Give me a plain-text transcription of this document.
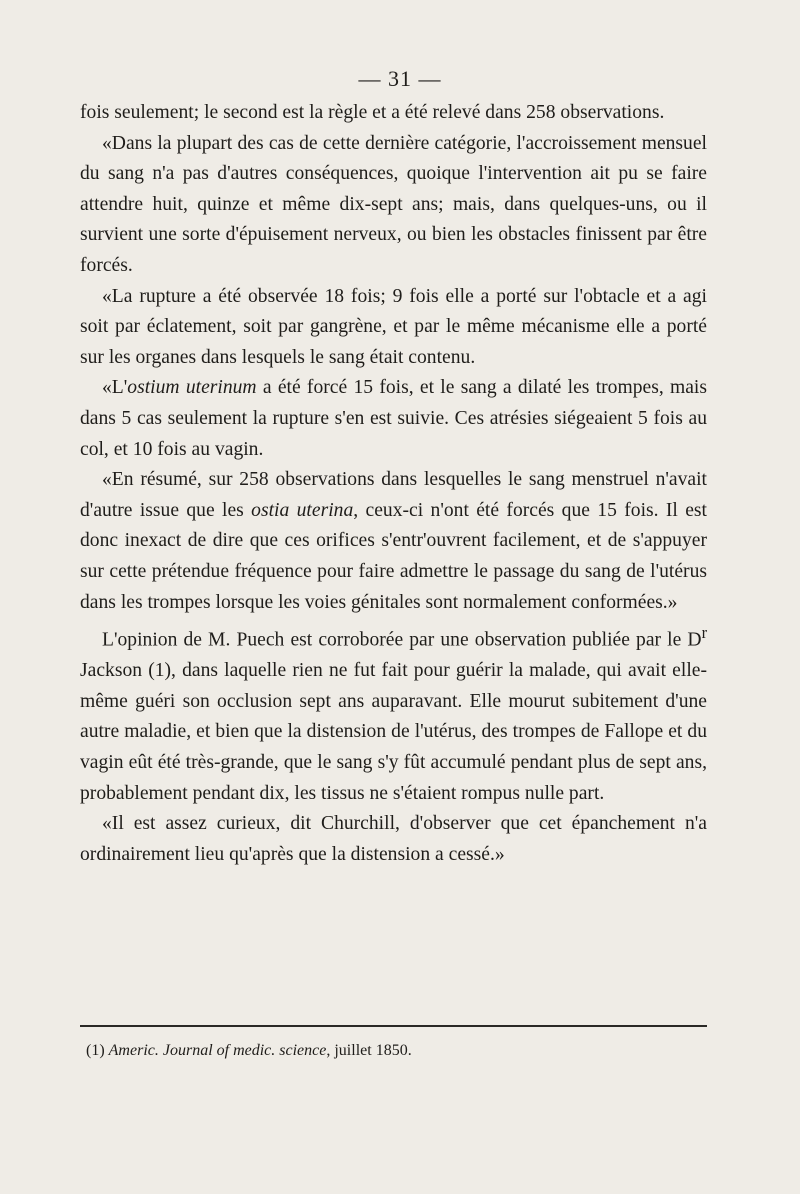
— 31 —

fois seulement; le second est la règle et a été relevé dans 258 observations.

«Dans la plupart des cas de cette dernière catégorie, l'accroissement mensuel du sang n'a pas d'autres conséquences, quoique l'intervention ait pu se faire attendre huit, quinze et même dix-sept ans; mais, dans quelques-uns, ou il survient une sorte d'épuisement nerveux, ou bien les obstacles finissent par être forcés.

«La rupture a été observée 18 fois; 9 fois elle a porté sur l'obtacle et a agi soit par éclatement, soit par gangrène, et par le même mécanisme elle a porté sur les organes dans lesquels le sang était contenu.

«L'ostium uterinum a été forcé 15 fois, et le sang a dilaté les trompes, mais dans 5 cas seulement la rupture s'en est suivie. Ces atrésies siégeaient 5 fois au col, et 10 fois au vagin.

«En résumé, sur 258 observations dans lesquelles le sang menstruel n'avait d'autre issue que les ostia uterina, ceux-ci n'ont été forcés que 15 fois. Il est donc inexact de dire que ces orifices s'entr'ouvrent facilement, et de s'appuyer sur cette prétendue fréquence pour faire admettre le passage du sang de l'utérus dans les trompes lorsque les voies génitales sont normalement conformées.»

L'opinion de M. Puech est corroborée par une observation publiée par le $D^r$ Jackson (1), dans laquelle rien ne fut fait pour guérir la malade, qui avait elle-même guéri son occlusion sept ans auparavant. Elle mourut subitement d'une autre maladie, et bien que la distension de l'utérus, des trompes de Fallope et du vagin eût été très-grande, que le sang s'y fût accumulé pendant plus de sept ans, probablement pendant dix, les tissus ne s'étaient rompus nulle part.

«Il est assez curieux, dit Churchill, d'observer que cet épanchement n'a ordinairement lieu qu'après que la distension a cessé.»

(1) Americ. Journal of medic. science, juillet 1850.
